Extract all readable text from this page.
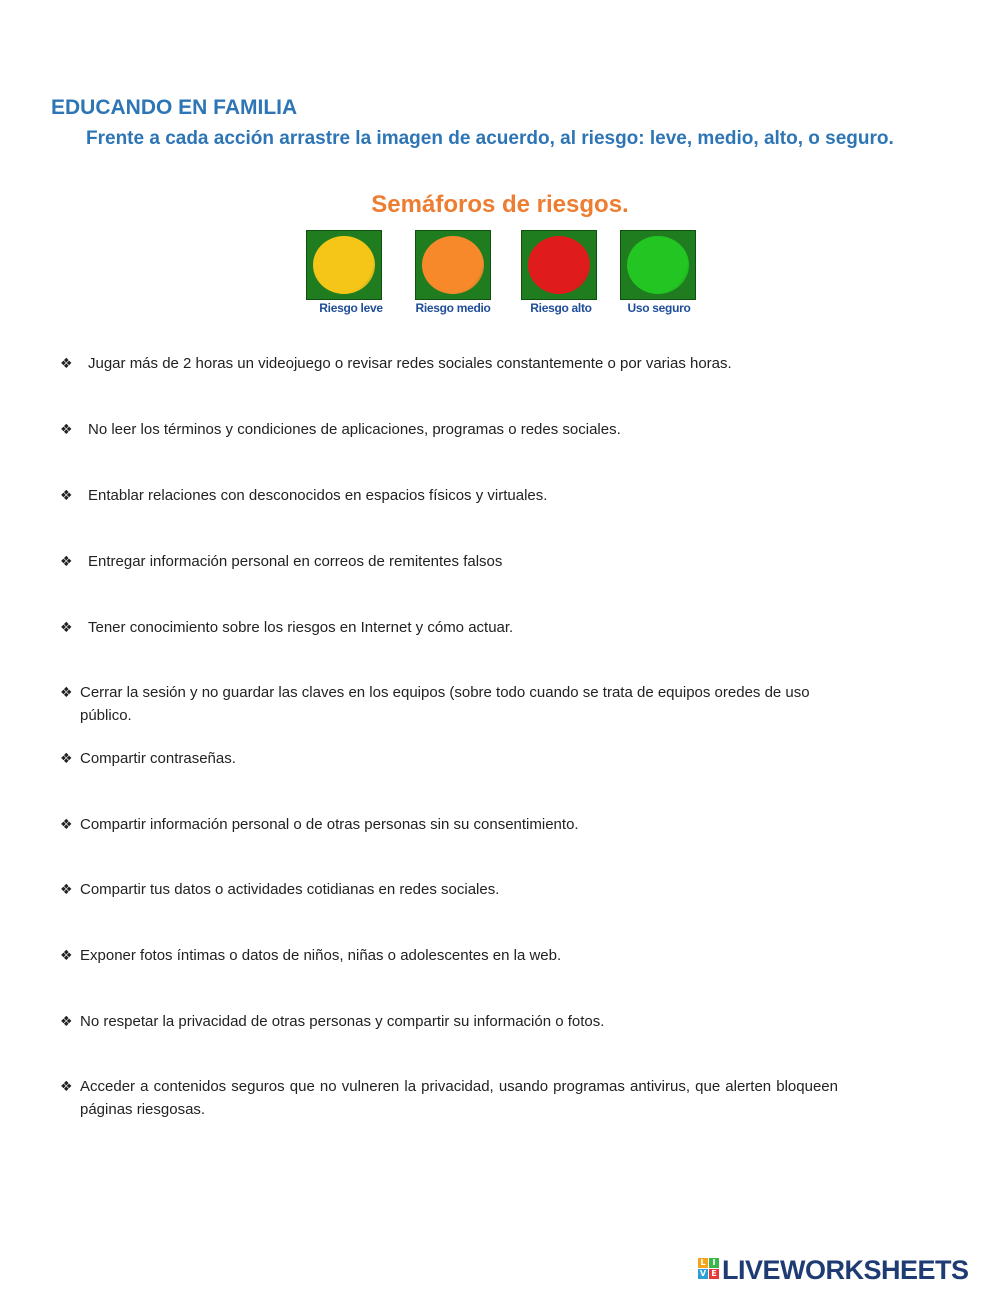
EDUCANDO EN FAMILIA
Frente a cada acción arrastre la imagen de acuerdo, al riesgo: leve, medio, alto, o seguro.
Semáforos de riesgos.
Riesgo leve	Riesgo medio	Riesgo alto	Uso seguro
❖ Jugar más de 2 horas un videojuego o revisar redes sociales constantemente o por varias horas.
❖ No leer los términos y condiciones de aplicaciones, programas o redes sociales.
❖ Entablar relaciones con desconocidos en espacios físicos y virtuales.
❖ Entregar información personal en correos de remitentes falsos
❖ Tener conocimiento sobre los riesgos en Internet y cómo actuar.
❖ Cerrar la sesión y no guardar las claves en los equipos (sobre todo cuando se trata de equipos oredes de uso público.
❖ Compartir contraseñas.
❖ Compartir información personal o de otras personas sin su consentimiento.
❖ Compartir tus datos o actividades cotidianas en redes sociales.
❖ Exponer fotos íntimas o datos de niños, niñas o adolescentes en la web.
❖ No respetar la privacidad de otras personas y compartir su información o fotos.
❖ Acceder a contenidos seguros que no vulneren la privacidad, usando programas antivirus, que alerten bloqueen páginas riesgosas.
L I
V E LIVEWORKSHEETS
